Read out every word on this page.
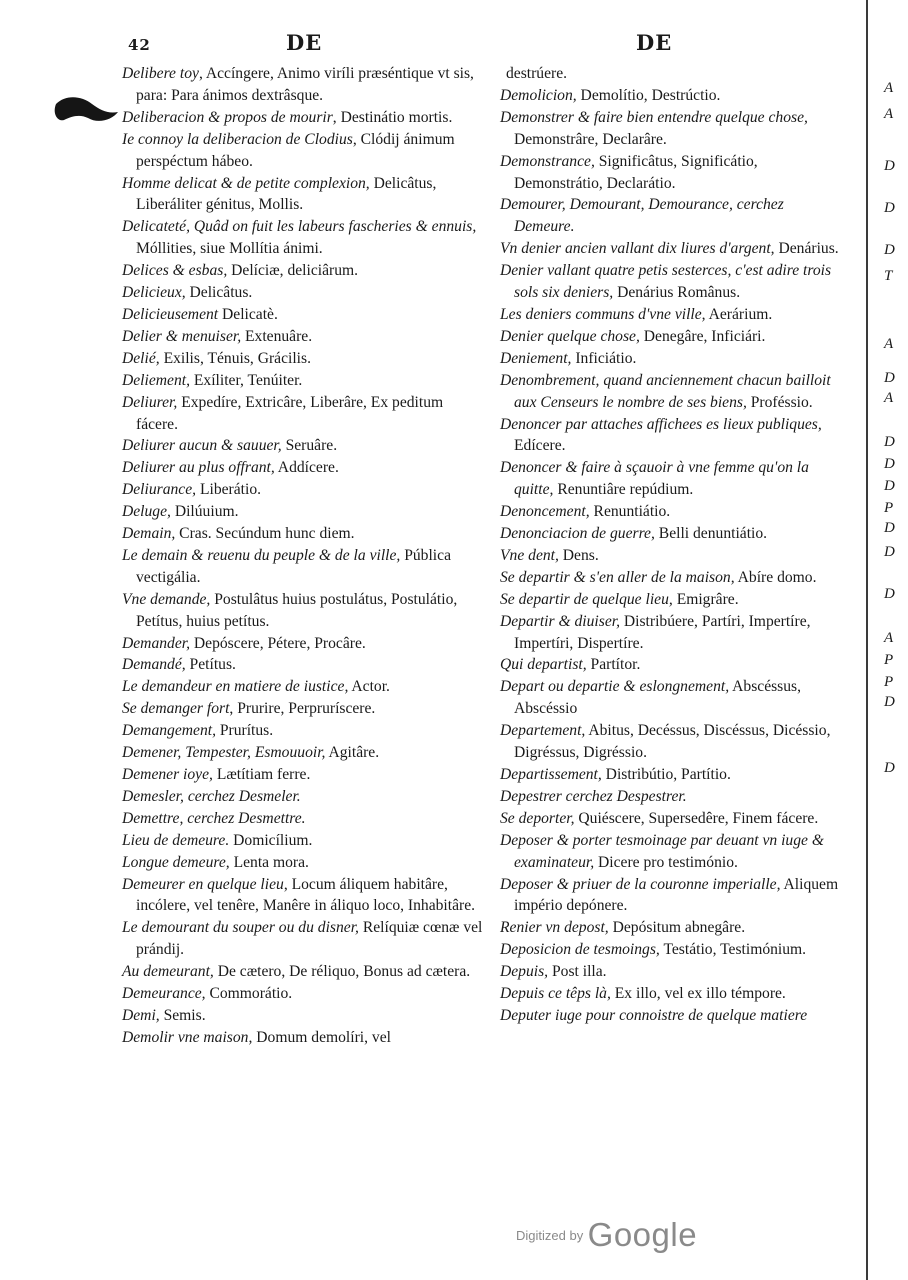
42	DE	DE

Delibere toy, Accíngere, Animo viríli præséntique vt sis, para: Para ánimos dextrâsque.

Deliberacion & propos de mourir, Destinátio mortis.

Ie connoy la deliberacion de Clodius, Clódij ánimum perspéctum hábeo.

Homme delicat & de petite complexion, Delicâtus, Liberáliter génitus, Mollis.

Delicateté, Quâd on fuit les labeurs fascheries & ennuis, Móllities, siue Mollítia ánimi.

Delices & esbas, Delíciæ, deliciârum.

Delicieux, Delicâtus.

Delicieusement Delicatè.

Delier & menuiser, Extenuâre.

Delié, Exilis, Ténuis, Grácilis.

Deliement, Exíliter, Tenúiter.

Deliurer, Expedíre, Extricâre, Liberâre, Ex peditum fácere.

Deliurer aucun & sauuer, Seruâre.

Deliurer au plus offrant, Addícere.

Deliurance, Liberátio.

Deluge, Dilúuium.

Demain, Cras. Secúndum hunc diem.

Le demain & reuenu du peuple & de la ville, Pública vectigália.

Vne demande, Postulâtus huius postulátus, Postulátio, Petítus, huius petítus.

Demander, Depóscere, Pétere, Procâre.

Demandé, Petítus.

Le demandeur en matiere de iustice, Actor.

Se demanger fort, Prurire, Perpruríscere.

Demangement, Prurítus.

Demener, Tempester, Esmouuoir, Agitâre.

Demener ioye, Lætítiam ferre.

Demesler, cerchez Desmeler.

Demettre, cerchez Desmettre.

Lieu de demeure. Domicílium.

Longue demeure, Lenta mora.

Demeurer en quelque lieu, Locum áliquem habitâre, incólere, vel tenêre, Manêre in áliquo loco, Inhabitâre.

Le demourant du souper ou du disner, Relíquiæ cœnæ vel prándij.

Au demeurant, De cætero, De réliquo, Bonus ad cætera.

Demeurance, Commorátio.

Demi, Semis.

Demolir vne maison, Domum demolíri, vel

destrúere.

Demolicion, Demolítio, Destrúctio.

Demonstrer & faire bien entendre quelque chose, Demonstrâre, Declarâre.

Demonstrance, Significâtus, Significátio, Demonstrátio, Declarátio.

Demourer, Demourant, Demourance, cerchez Demeure.

Vn denier ancien vallant dix liures d'argent, Denárius.

Denier vallant quatre petis sesterces, c'est adire trois sols six deniers, Denárius Românus.

Les deniers communs d'vne ville, Aerárium.

Denier quelque chose, Denegâre, Inficiári.

Deniement, Inficiátio.

Denombrement, quand anciennement chacun bailloit aux Censeurs le nombre de ses biens, Proféssio.

Denoncer par attaches affichees es lieux publiques, Edícere.

Denoncer & faire à sçauoir à vne femme qu'on la quitte, Renuntiâre repúdium.

Denoncement, Renuntiátio.

Denonciacion de guerre, Belli denuntiátio.

Vne dent, Dens.

Se departir & s'en aller de la maison, Abíre domo.

Se departir de quelque lieu, Emigrâre.

Departir & diuiser, Distribúere, Partíri, Impertíre, Impertíri, Dispertíre.

Qui departist, Partítor.

Depart ou departie & eslongnement, Abscéssus, Abscéssio

Departement, Abitus, Decéssus, Discéssus, Dicéssio, Digréssus, Digréssio.

Departissement, Distribútio, Partítio.

Depestrer cerchez Despestrer.

Se deporter, Quiéscere, Supersedêre, Finem fácere.

Deposer & porter tesmoinage par deuant vn iuge & examinateur, Dicere pro testimónio.

Deposer & priuer de la couronne imperialle, Aliquem império depónere.

Renier vn depost, Depósitum abnegâre.

Deposicion de tesmoings, Testátio, Testimónium.

Depuis, Post illa.

Depuis ce têps là, Ex illo, vel ex illo témpore.

Deputer iuge pour connoistre de quelque matiere

A
A
D
D
D
T
A
D
D
A
D
D
P
D
D
D
A
P
P
D
D
$^{Digitized by}$ Google
